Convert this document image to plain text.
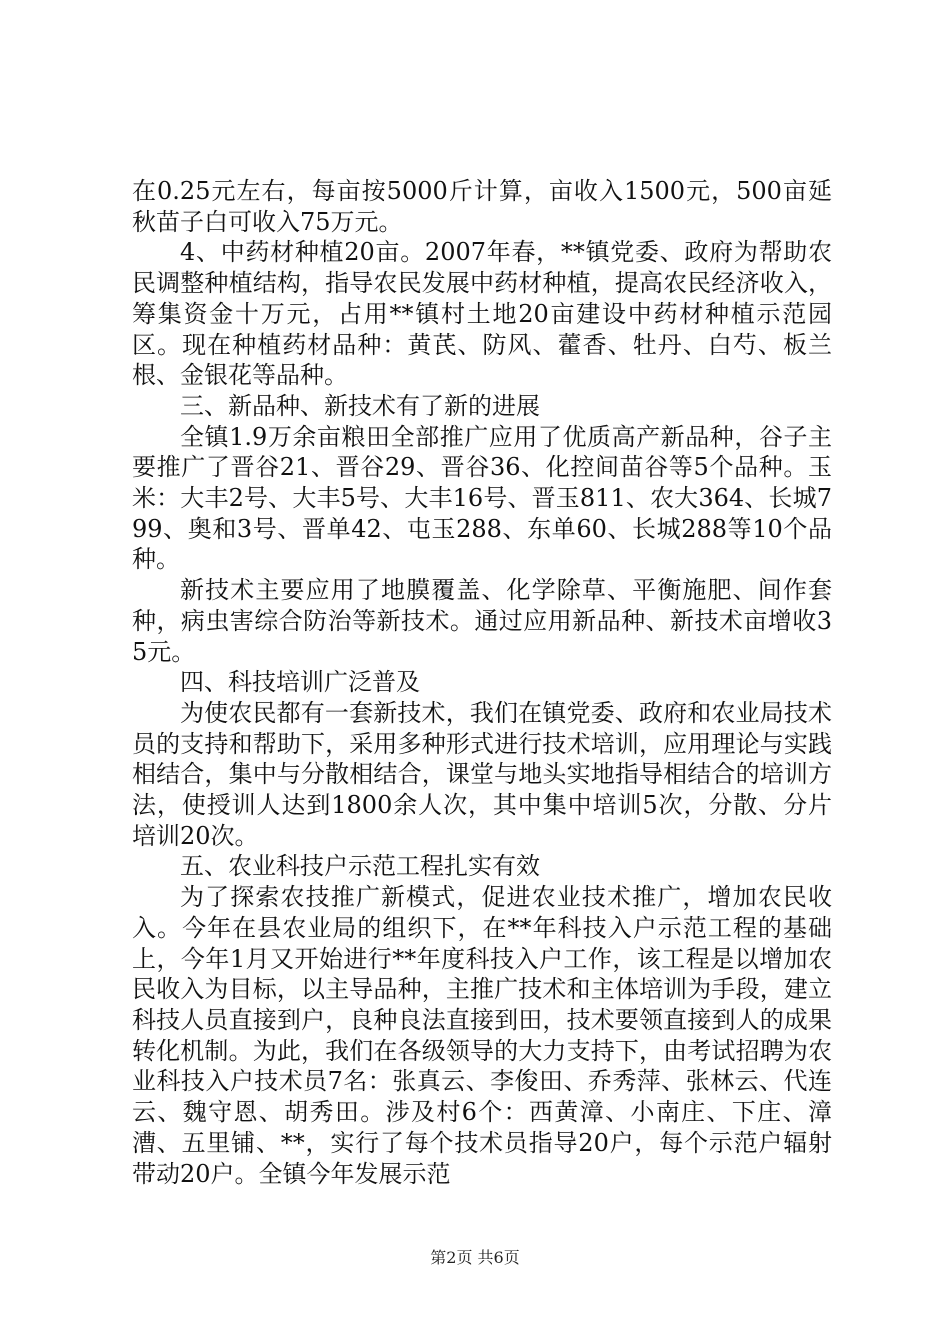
在0.25元左右，每亩按5000斤计算，亩收入1500元，500亩延秋苗子白可收入75万元。

4、中药材种植20亩。2007年春，**镇党委、政府为帮助农民调整种植结构，指导农民发展中药材种植，提高农民经济收入，筹集资金十万元，占用**镇村土地20亩建设中药材种植示范园区。现在种植药材品种：黄芪、防风、藿香、牡丹、白芍、板兰根、金银花等品种。

三、新品种、新技术有了新的进展

全镇1.9万余亩粮田全部推广应用了优质高产新品种，谷子主要推广了晋谷21、晋谷29、晋谷36、化控间苗谷等5个品种。玉米：大丰2号、大丰5号、大丰16号、晋玉811、农大364、长城799、奥和3号、晋单42、屯玉288、东单60、长城288等10个品种。

新技术主要应用了地膜覆盖、化学除草、平衡施肥、间作套种，病虫害综合防治等新技术。通过应用新品种、新技术亩增收35元。

四、科技培训广泛普及

为使农民都有一套新技术，我们在镇党委、政府和农业局技术员的支持和帮助下，采用多种形式进行技术培训，应用理论与实践相结合，集中与分散相结合，课堂与地头实地指导相结合的培训方法，使授训人达到1800余人次，其中集中培训5次，分散、分片培训20次。

五、农业科技户示范工程扎实有效

为了探索农技推广新模式，促进农业技术推广，增加农民收入。今年在县农业局的组织下，在**年科技入户示范工程的基础上，今年1月又开始进行**年度科技入户工作，该工程是以增加农民收入为目标，以主导品种，主推广技术和主体培训为手段，建立科技人员直接到户，良种良法直接到田，技术要领直接到人的成果转化机制。为此，我们在各级领导的大力支持下，由考试招聘为农业科技入户技术员7名：张真云、李俊田、乔秀萍、张林云、代连云、魏守恩、胡秀田。涉及村6个：西黄漳、小南庄、下庄、漳漕、五里铺、**，实行了每个技术员指导20户，每个示范户辐射带动20户。全镇今年发展示范

第2页 共6页
